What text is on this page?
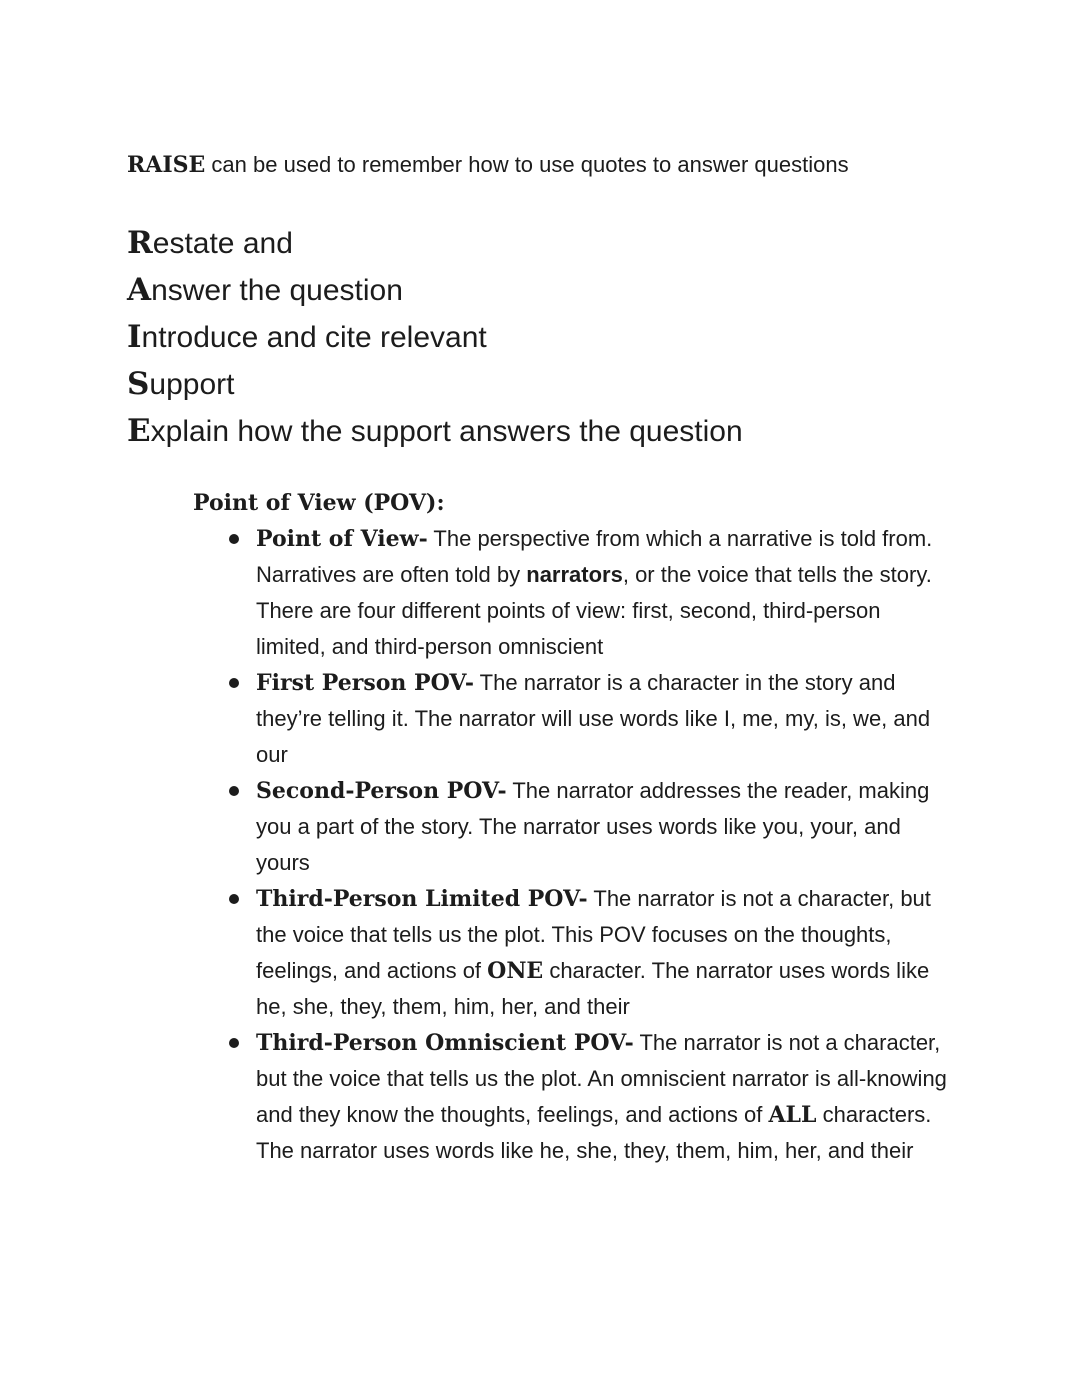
RAISE can be used to remember how to use quotes to answer questions

Restate and
Answer the question
Introduce and cite relevant
Support
Explain how the support answers the question
Point of View (POV):
Point of View- The perspective from which a narrative is told from. Narratives are often told by narrators, or the voice that tells the story. There are four different points of view: first, second, third-person limited, and third-person omniscient
First Person POV- The narrator is a character in the story and they’re telling it. The narrator will use words like I, me, my, is, we, and our
Second-Person POV- The narrator addresses the reader, making you a part of the story. The narrator uses words like you, your, and yours
Third-Person Limited POV- The narrator is not a character, but the voice that tells us the plot. This POV focuses on the thoughts, feelings, and actions of ONE character. The narrator uses words like he, she, they, them, him, her, and their
Third-Person Omniscient POV- The narrator is not a character, but the voice that tells us the plot. An omniscient narrator is all-knowing and they know the thoughts, feelings, and actions of ALL characters. The narrator uses words like he, she, they, them, him, her, and their
